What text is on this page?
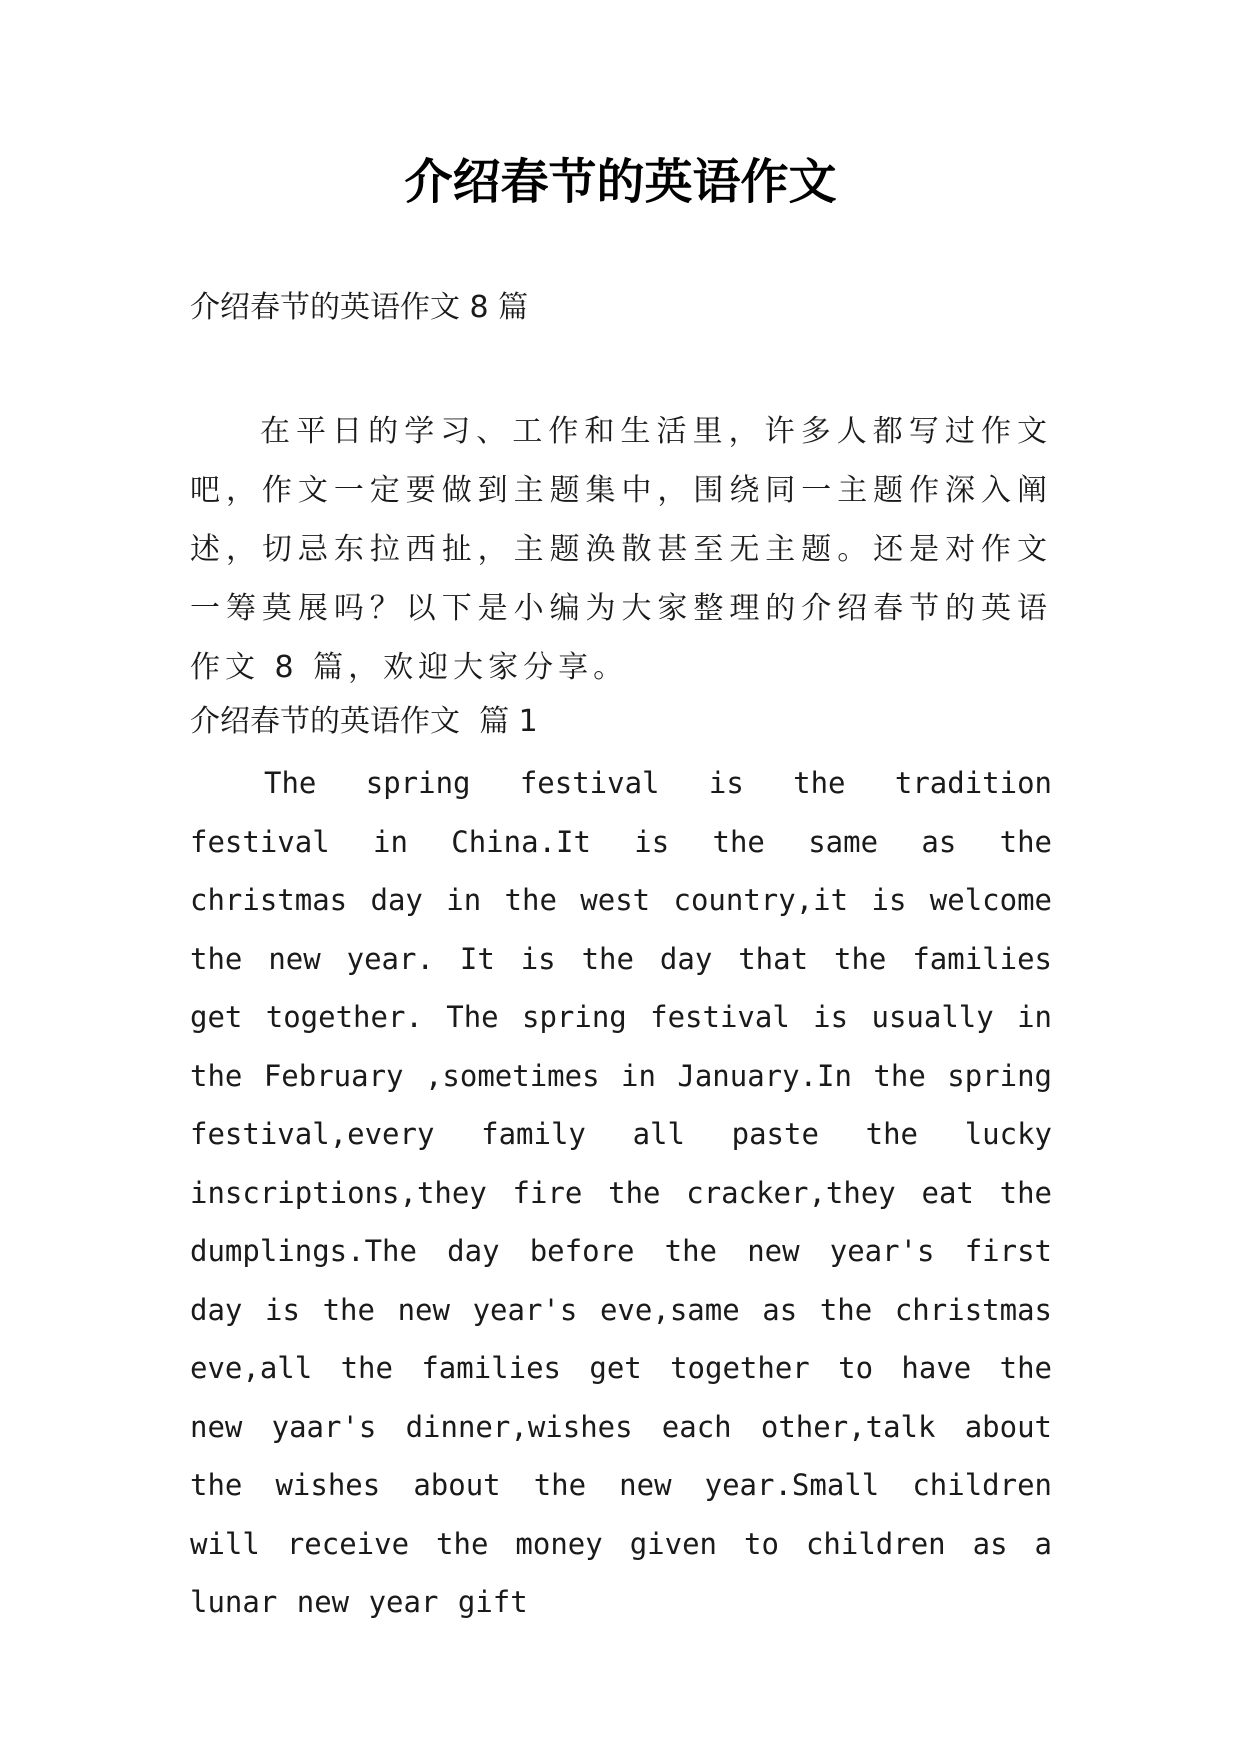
介绍春节的英语作文

介绍春节的英语作文 8 篇

在平日的学习、工作和生活里，许多人都写过作文吧，作文一定要做到主题集中，围绕同一主题作深入阐述，切忌东拉西扯，主题涣散甚至无主题。还是对作文一筹莫展吗？以下是小编为大家整理的介绍春节的英语作文 8 篇，欢迎大家分享。

介绍春节的英语作文  篇 1

The spring festival is the tradition festival in China.It is the same as the christmas day in the west country,it is welcome the new year. It is the day that the families get together. The spring festival is usually in the February ,sometimes in January.In the spring festival,every family all paste the lucky inscriptions,they fire the cracker,they eat the dumplings.The day before the new year's first day is the new year's eve,same as the christmas eve,all the families get together to have the new yaar's dinner,wishes each other,talk about the wishes about the new year.Small children will receive the money given to children as a lunar new year gift
